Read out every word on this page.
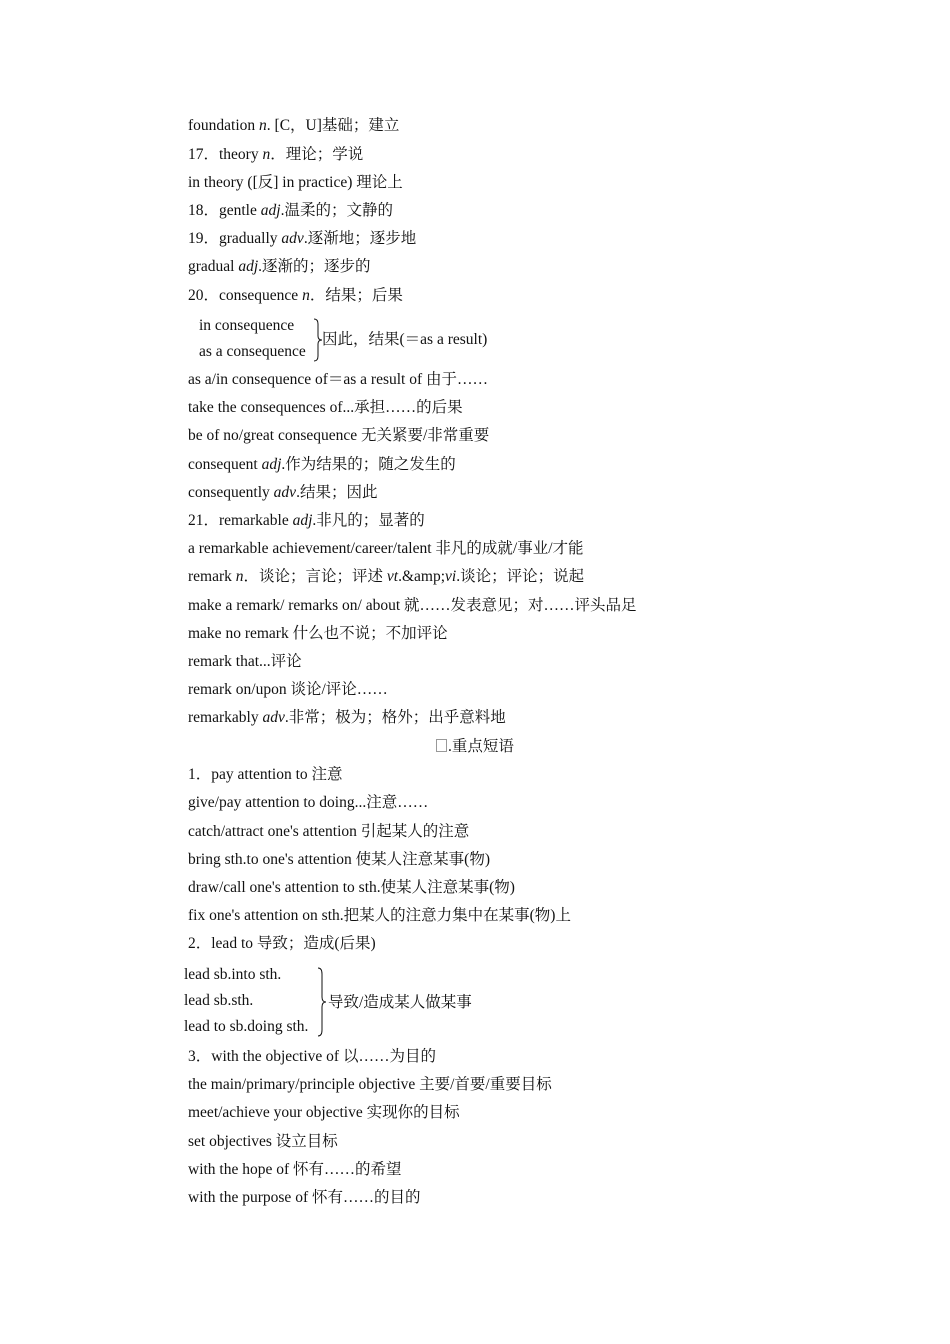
foundation n. [C，U]基础；建立
17．theory n．理论；学说
in theory ([反] in practice) 理论上
18．gentle adj.温柔的；文静的
19．gradually adv.逐渐地；逐步地
gradual adj.逐渐的；逐步的
20．consequence n．结果；后果
in consequence
as a consequence
因此，结果(＝as a result)
as a/in consequence of＝as a result of 由于……
take the consequences of...承担……的后果
be of no/great consequence 无关紧要/非常重要
consequent adj.作为结果的；随之发生的
consequently adv.结果；因此
21．remarkable adj.非凡的；显著的
a remarkable achievement/career/talent 非凡的成就/事业/才能
remark n．谈论；言论；评述 vt.&amp;vi.谈论；评论；说起
make a remark/ remarks on/ about 就……发表意见；对……评头品足
make no remark 什么也不说；不加评论
remark that...评论
remark on/upon 谈论/评论……
remarkably adv.非常；极为；格外；出乎意料地
.重点短语
1．pay attention to 注意
give/pay attention to doing...注意……
catch/attract one's attention 引起某人的注意
bring sth.to one's attention 使某人注意某事(物)
draw/call one's attention to sth.使某人注意某事(物)
fix one's attention on sth.把某人的注意力集中在某事(物)上
2．lead to 导致；造成(后果)
lead sb.into sth.
lead sb.sth.
lead to sb.doing sth.
导致/造成某人做某事
3．with the objective of 以……为目的
the main/primary/principle objective 主要/首要/重要目标
meet/achieve your objective 实现你的目标
set objectives 设立目标
with the hope of 怀有……的希望
with the purpose of 怀有……的目的
